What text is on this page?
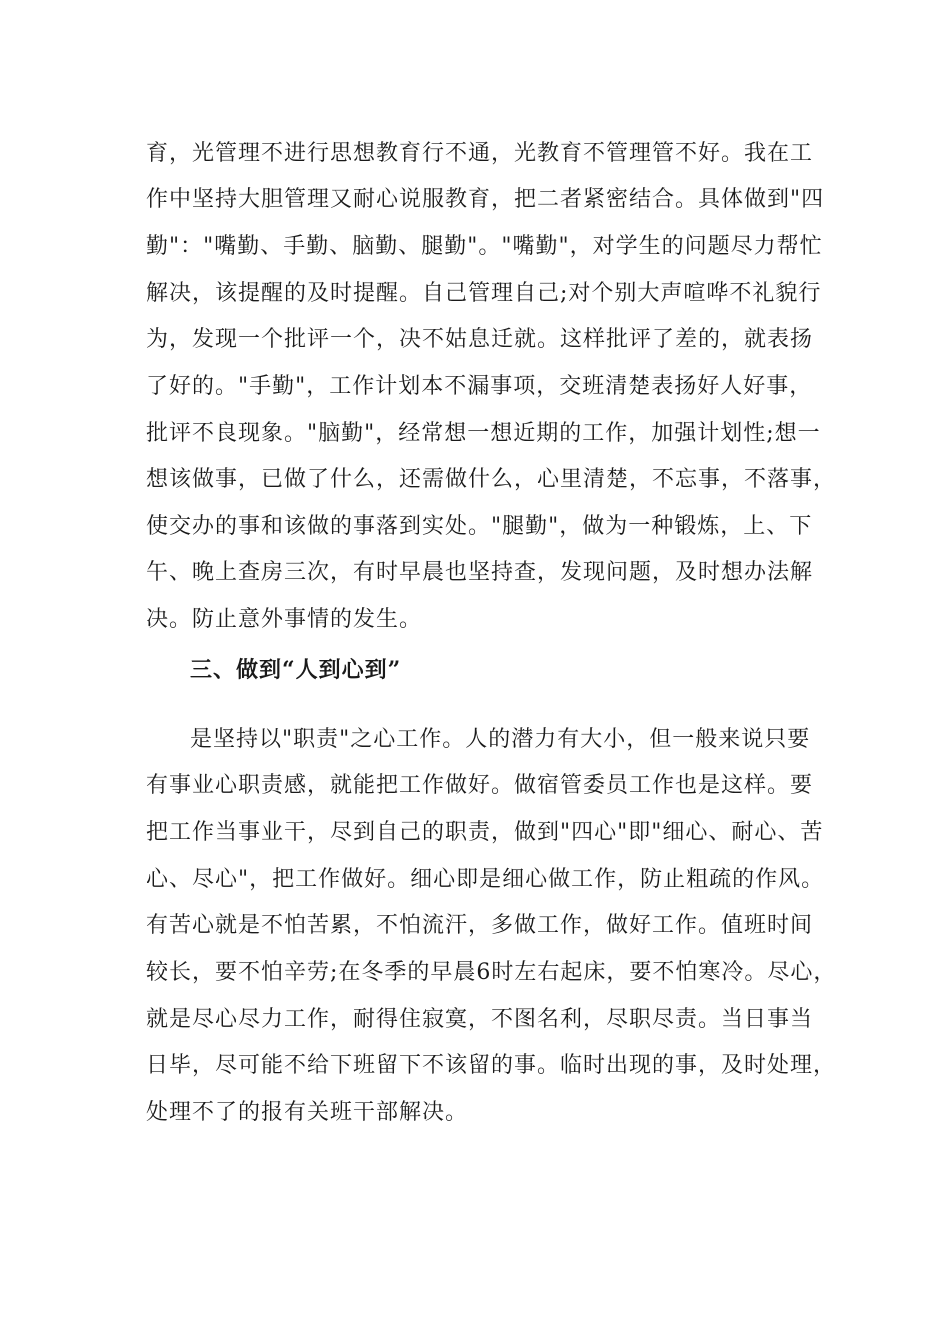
育，光管理不进行思想教育行不通，光教育不管理管不好。我在工
作中坚持大胆管理又耐心说服教育，把二者紧密结合。具体做到"四
勤"："嘴勤、手勤、脑勤、腿勤"。"嘴勤"，对学生的问题尽力帮忙
解决，该提醒的及时提醒。自己管理自己;对个别大声喧哗不礼貌行
为，发现一个批评一个，决不姑息迁就。这样批评了差的，就表扬
了好的。"手勤"，工作计划本不漏事项，交班清楚表扬好人好事，
批评不良现象。"脑勤"，经常想一想近期的工作，加强计划性;想一
想该做事，已做了什么，还需做什么，心里清楚，不忘事，不落事，
使交办的事和该做的事落到实处。"腿勤"，做为一种锻炼，上、下
午、晚上查房三次，有时早晨也坚持查，发现问题，及时想办法解
决。防止意外事情的发生。
三、做到“人到心到”
是坚持以"职责"之心工作。人的潜力有大小，但一般来说只要
有事业心职责感，就能把工作做好。做宿管委员工作也是这样。要
把工作当事业干，尽到自己的职责，做到"四心"即"细心、耐心、苦
心、尽心"，把工作做好。细心即是细心做工作，防止粗疏的作风。
有苦心就是不怕苦累，不怕流汗，多做工作，做好工作。值班时间
较长，要不怕辛劳;在冬季的早晨6时左右起床，要不怕寒冷。尽心，
就是尽心尽力工作，耐得住寂寞，不图名利，尽职尽责。当日事当
日毕，尽可能不给下班留下不该留的事。临时出现的事，及时处理，
处理不了的报有关班干部解决。
